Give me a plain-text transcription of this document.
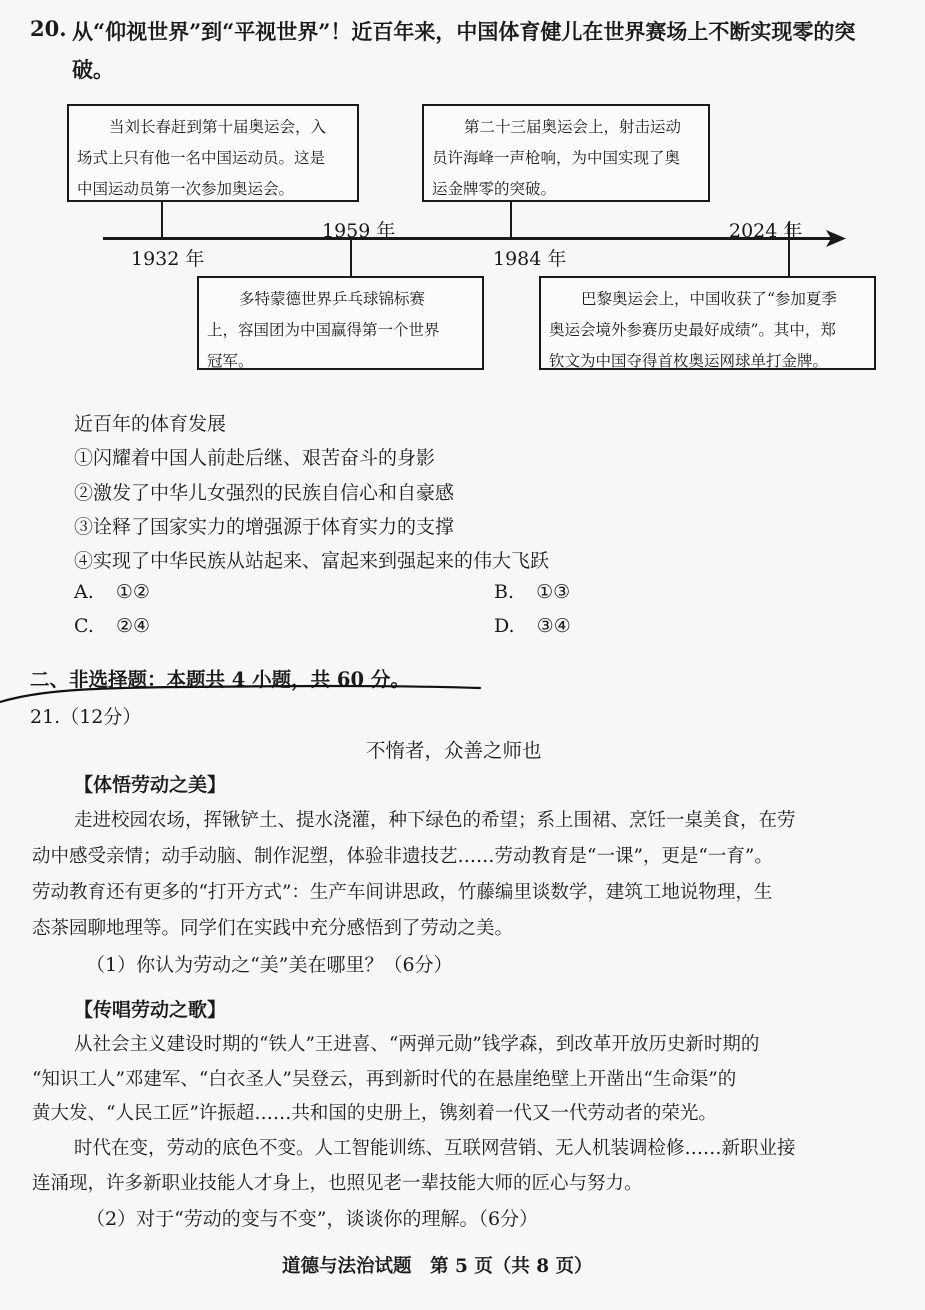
20. 从“仰视世界”到“平视世界”！近百年来，中国体育健儿在世界赛场上不断实现零的突
破。
当刘长春赶到第十届奥运会，入
场式上只有他一名中国运动员。这是
中国运动员第一次参加奥运会。
第二十三届奥运会上，射击运动
员许海峰一声枪响，为中国实现了奥
运金牌零的突破。
多特蒙德世界乒乓球锦标赛
上，容国团为中国赢得第一个世界
冠军。
巴黎奥运会上，中国收获了“参加夏季
奥运会境外参赛历史最好成绩”。其中，郑
钦文为中国夺得首枚奥运网球单打金牌。
1932 年
1959 年
1984 年
2024 年
近百年的体育发展
①闪耀着中国人前赴后继、艰苦奋斗的身影
②激发了中华儿女强烈的民族自信心和自豪感
③诠释了国家实力的增强源于体育实力的支撑
④实现了中华民族从站起来、富起来到强起来的伟大飞跃
A. ①②	B. ①③
C. ②④	D. ③④
二、非选择题：本题共 4 小题，共 60 分。
21.（12分）
不惰者，众善之师也
【体悟劳动之美】
走进校园农场，挥锹铲土、提水浇灌，种下绿色的希望；系上围裙、烹饪一桌美食，在劳
动中感受亲情；动手动脑、制作泥塑，体验非遗技艺……劳动教育是“一课”，更是“一育”。
劳动教育还有更多的“打开方式”：生产车间讲思政，竹藤编里谈数学，建筑工地说物理，生
态茶园聊地理等。同学们在实践中充分感悟到了劳动之美。
（1）你认为劳动之“美”美在哪里？（6分）
【传唱劳动之歌】
从社会主义建设时期的“铁人”王进喜、“两弹元勋”钱学森，到改革开放历史新时期的
“知识工人”邓建军、“白衣圣人”吴登云，再到新时代的在悬崖绝壁上开凿出“生命渠”的
黄大发、“人民工匠”许振超……共和国的史册上，镌刻着一代又一代劳动者的荣光。
时代在变，劳动的底色不变。人工智能训练、互联网营销、无人机装调检修……新职业接
连涌现，许多新职业技能人才身上，也照见老一辈技能大师的匠心与努力。
（2）对于“劳动的变与不变”，谈谈你的理解。（6分）
道德与法治试题　第 5 页（共 8 页）
